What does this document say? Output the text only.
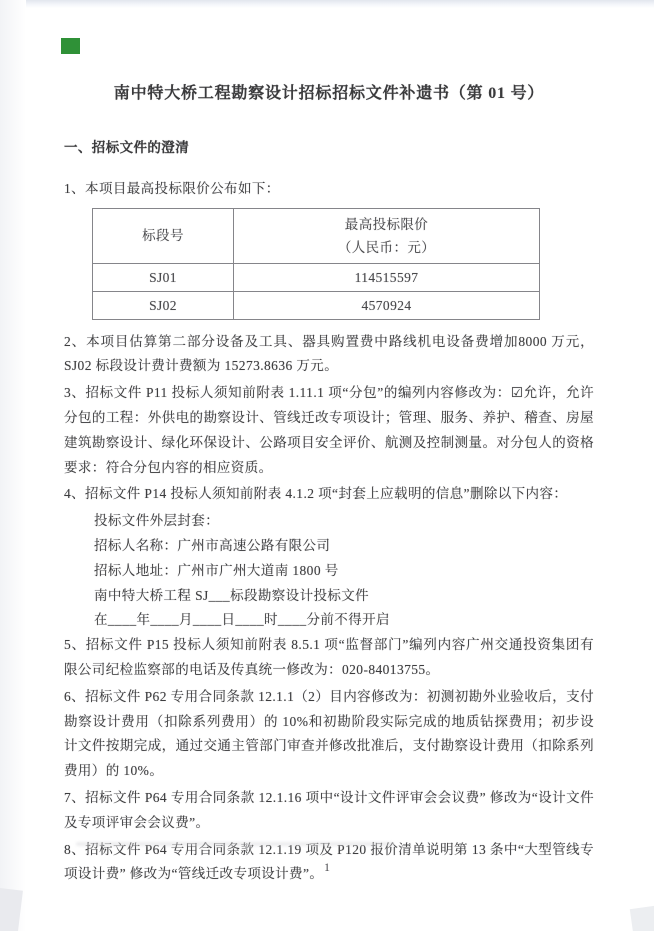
南中特大桥工程勘察设计招标招标文件补遗书（第 01 号）
一、招标文件的澄清

1、本项目最高投标限价公布如下：

标段号	最高投标限价
（人民币：元）

SJ01	114515597
SJ02	4570924

2、本项目估算第二部分设备及工具、器具购置费中路线机电设备费增加8000 万元，SJ02 标段设计费计费额为 15273.8636 万元。

3、招标文件 P11 投标人须知前附表 1.11.1 项“分包”的编列内容修改为：☑允许，允许分包的工程：外供电的勘察设计、管线迁改专项设计；管理、服务、养护、稽查、房屋建筑勘察设计、绿化环保设计、公路项目安全评价、航测及控制测量。对分包人的资格要求：符合分包内容的相应资质。

4、招标文件 P14 投标人须知前附表 4.1.2 项“封套上应载明的信息”删除以下内容：

投标文件外层封套：
招标人名称：广州市高速公路有限公司
招标人地址：广州市广州大道南 1800 号
南中特大桥工程 SJ___标段勘察设计投标文件
在____年____月____日____时____分前不得开启

5、招标文件 P15 投标人须知前附表 8.5.1 项“监督部门”编列内容广州交通投资集团有限公司纪检监察部的电话及传真统一修改为：020-84013755。

6、招标文件 P62 专用合同条款 12.1.1（2）目内容修改为：初测初勘外业验收后，支付勘察设计费用（扣除系列费用）的 10%和初勘阶段实际完成的地质钻探费用；初步设计文件按期完成，通过交通主管部门审查并修改批准后，支付勘察设计费用（扣除系列费用）的 10%。

7、招标文件 P64 专用合同条款 12.1.16 项中“设计文件评审会会议费” 修改为“设计文件及专项评审会会议费”。

8、招标文件 P64 专用合同条款 12.1.19 项及 P120 报价清单说明第 13 条中“大型管线专项设计费” 修改为“管线迁改专项设计费”。 1
